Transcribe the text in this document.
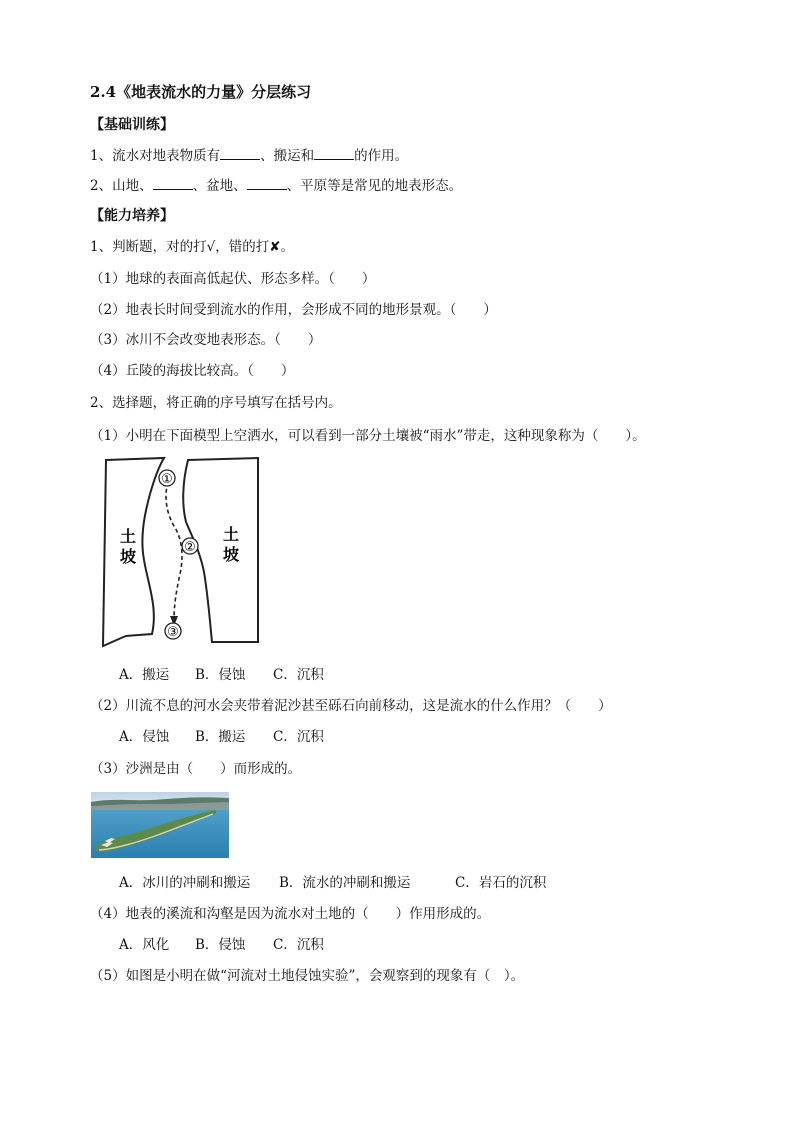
2.4《地表流水的力量》分层练习
【基础训练】
1、流水对地表物质有	、搬运和	的作用。
2、山地、	、盆地、	、平原等是常见的地表形态。
【能力培养】
1、判断题，对的打√，错的打✘。
（1）地球的表面高低起伏、形态多样。（　　）
（2）地表长时间受到流水的作用，会形成不同的地形景观。（　　）
（3）冰川不会改变地表形态。（　　）
（4）丘陵的海拔比较高。（　　）
2、选择题，将正确的序号填写在括号内。
（1）小明在下面模型上空洒水，可以看到一部分土壤被“雨水”带走，这种现象称为（　　）。
①
②
③
土
坡
土
坡
A．搬运 B．侵蚀 C．沉积
（2）川流不息的河水会夹带着泥沙甚至砾石向前移动，这是流水的什么作用？（　　）
A．侵蚀 B．搬运 C．沉积
（3）沙洲是由（　　）而形成的。
A．冰川的冲刷和搬运 B．流水的冲刷和搬运	C．岩石的沉积
（4）地表的溪流和沟壑是因为流水对土地的（　　）作用形成的。
A．风化 B．侵蚀 C．沉积
（5）如图是小明在做“河流对土地侵蚀实验”，会观察到的现象有（　）。
